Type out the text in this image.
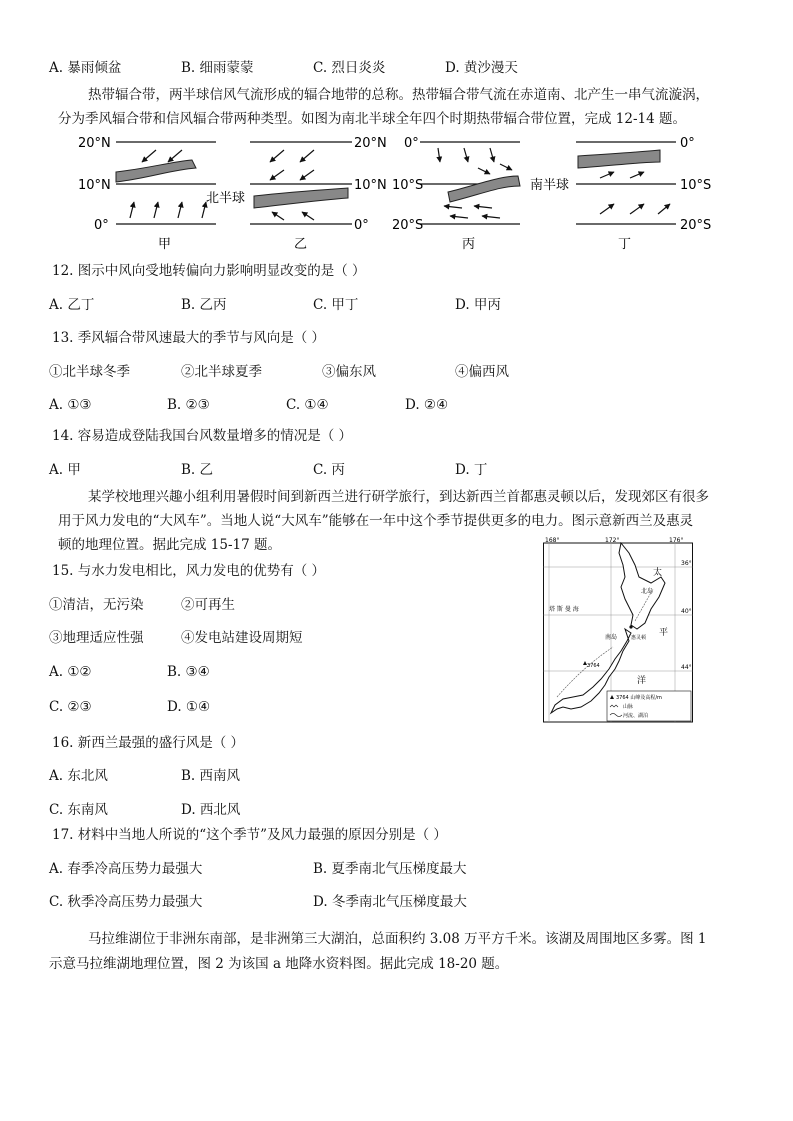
A. 暴雨倾盆	B. 细雨蒙蒙	C. 烈日炎炎	D. 黄沙漫天
热带辐合带，两半球信风气流形成的辐合地带的总称。热带辐合带气流在赤道南、北产生一串气流漩涡，
分为季风辐合带和信风辐合带两种类型。如图为南北半球全年四个时期热带辐合带位置，完成 12-14 题。
20°N
10°N
0°
20°N
10°N
0°
北半球
0°
10°S
20°S
南半球
0°
10°S
20°S
甲	乙	丙	丁
12. 图示中风向受地转偏向力影响明显改变的是（ ）
A. 乙丁	B. 乙丙	C. 甲丁	D. 甲丙
13. 季风辐合带风速最大的季节与风向是（ ）
①北半球冬季	②北半球夏季	③偏东风	④偏西风
A. ①③	B. ②③	C. ①④	D. ②④
14. 容易造成登陆我国台风数量增多的情况是（ ）
A. 甲	B. 乙	C. 丙	D. 丁
某学校地理兴趣小组利用暑假时间到新西兰进行研学旅行，到达新西兰首都惠灵顿以后，发现郊区有很多
用于风力发电的“大风车”。当地人说“大风车”能够在一年中这个季节提供更多的电力。图示意新西兰及惠灵
顿的地理位置。据此完成 15-17 题。	168°	172°	176°
36°
40°
44°
太
平
洋
塔 斯 曼 海
北岛
南岛	惠灵顿
3764
3764 山峰及高程/m
山脉
河流、湖泊
15. 与水力发电相比，风力发电的优势有（ ）
①清洁，无污染	②可再生
③地理适应性强	④发电站建设周期短
A. ①②	B. ③④
C. ②③	D. ①④
16. 新西兰最强的盛行风是（ ）
A. 东北风	B. 西南风
C. 东南风	D. 西北风
17. 材料中当地人所说的“这个季节”及风力最强的原因分别是（ ）
A. 春季冷高压势力最强大	B. 夏季南北气压梯度最大
C. 秋季冷高压势力最强大	D. 冬季南北气压梯度最大
马拉维湖位于非洲东南部，是非洲第三大湖泊，总面积约 3.08 万平方千米。该湖及周围地区多雾。图 1
示意马拉维湖地理位置，图 2 为该国 a 地降水资料图。据此完成 18-20 题。
